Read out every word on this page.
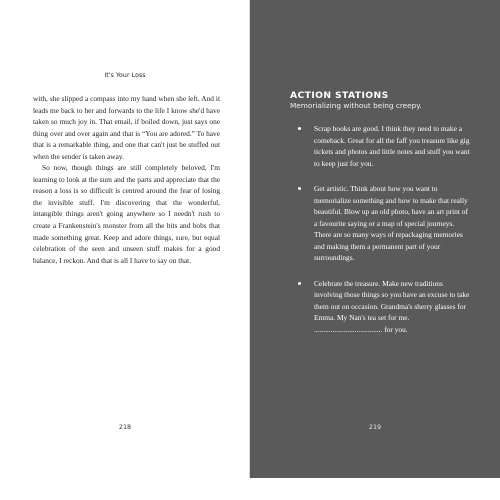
It's Your Loss

with, she slipped a compass into my hand when she left. And it leads me back to her and forwards to the life I know she'd have taken so much joy in. That email, if boiled down, just says one thing over and over again and that is “You are adored.” To have that is a remarkable thing, and one that can't just be stuffed out when the sender is taken away.

So now, though things are still completely beloved, I'm learning to look at the sum and the parts and appreciate that the reason a loss is so difficult is centred around the fear of losing the invisible stuff. I'm discovering that the wonderful, intangible things aren't going anywhere so I needn't rush to create a Frankenstein's monster from all the bits and bobs that made something great. Keep and adore things, sure, but equal celebration of the seen and unseen stuff makes for a good balance, I reckon. And that is all I have to say on that.

218
ACTION STATIONS
Memorializing without being creepy.
Scrap books are good. I think they need to make a comeback. Great for all the faff you treasure like gig tickets and photos and little notes and stuff you want to keep just for you.
Get artistic. Think about how you want to memorialize something and how to make that really beautiful. Blow up an old photo, have an art print of a favourite saying or a map of special journeys. There are so many ways of repackaging memories and making them a permanent part of your surroundings.
Celebrate the treasure. Make new traditions involving those things so you have an excuse to take them out on occasion. Grandma's sherry glasses for Emma. My Nan's tea set for me. ..................................... for you.
219
